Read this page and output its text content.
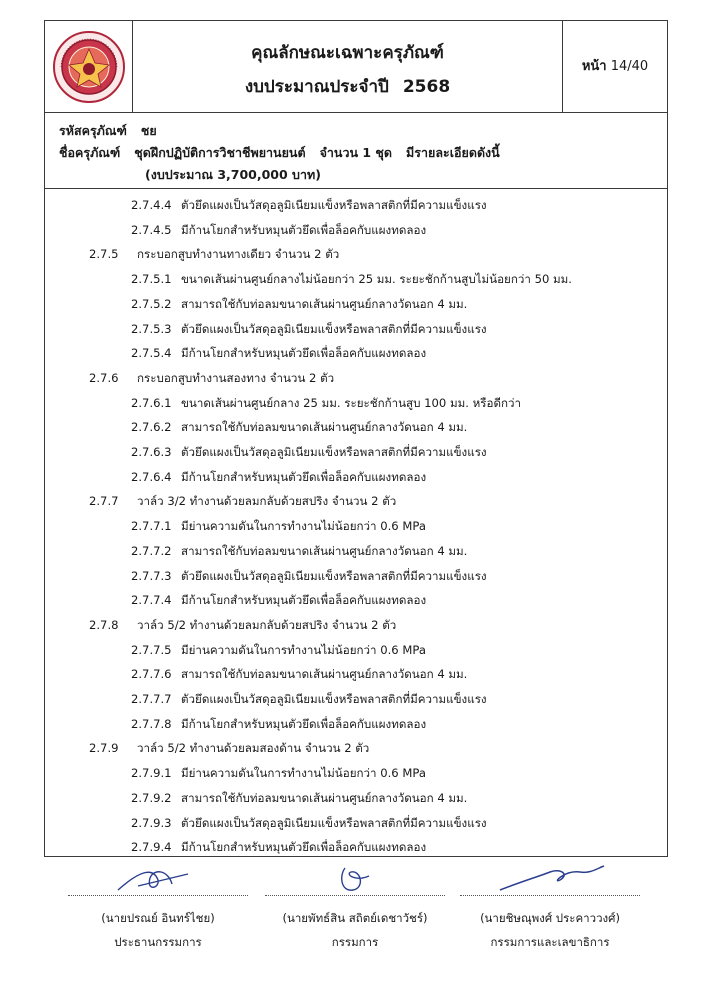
คุณลักษณะเฉพาะครุภัณฑ์
งบประมาณประจำปี 2568
หน้า 14/40
รหัสครุภัณฑ์ ชย
ชื่อครุภัณฑ์ ชุดฝึกปฏิบัติการวิชาชีพยานยนต์ จำนวน 1 ชุด มีรายละเอียดดังนี้
(งบประมาณ 3,700,000 บาท)
2.7.4.4 ตัวยึดแผงเป็นวัสดุอลูมิเนียมแข็งหรือพลาสติกที่มีความแข็งแรง
2.7.4.5 มีก้านโยกสำหรับหมุนตัวยึดเพื่อล็อคกับแผงทดลอง
2.7.5 กระบอกสูบทำงานทางเดียว จำนวน 2 ตัว
2.7.5.1 ขนาดเส้นผ่านศูนย์กลางไม่น้อยกว่า 25 มม. ระยะชักก้านสูบไม่น้อยกว่า 50 มม.
2.7.5.2 สามารถใช้กับท่อลมขนาดเส้นผ่านศูนย์กลางวัดนอก 4 มม.
2.7.5.3 ตัวยึดแผงเป็นวัสดุอลูมิเนียมแข็งหรือพลาสติกที่มีความแข็งแรง
2.7.5.4 มีก้านโยกสำหรับหมุนตัวยึดเพื่อล็อคกับแผงทดลอง
2.7.6 กระบอกสูบทำงานสองทาง จำนวน 2 ตัว
2.7.6.1 ขนาดเส้นผ่านศูนย์กลาง 25 มม. ระยะชักก้านสูบ 100 มม. หรือดีกว่า
2.7.6.2 สามารถใช้กับท่อลมขนาดเส้นผ่านศูนย์กลางวัดนอก 4 มม.
2.7.6.3 ตัวยึดแผงเป็นวัสดุอลูมิเนียมแข็งหรือพลาสติกที่มีความแข็งแรง
2.7.6.4 มีก้านโยกสำหรับหมุนตัวยึดเพื่อล็อคกับแผงทดลอง
2.7.7 วาล์ว 3/2 ทำงานด้วยลมกลับด้วยสปริง จำนวน 2 ตัว
2.7.7.1 มีย่านความดันในการทำงานไม่น้อยกว่า 0.6 MPa
2.7.7.2 สามารถใช้กับท่อลมขนาดเส้นผ่านศูนย์กลางวัดนอก 4 มม.
2.7.7.3 ตัวยึดแผงเป็นวัสดุอลูมิเนียมแข็งหรือพลาสติกที่มีความแข็งแรง
2.7.7.4 มีก้านโยกสำหรับหมุนตัวยึดเพื่อล็อคกับแผงทดลอง
2.7.8 วาล์ว 5/2 ทำงานด้วยลมกลับด้วยสปริง จำนวน 2 ตัว
2.7.7.5 มีย่านความดันในการทำงานไม่น้อยกว่า 0.6 MPa
2.7.7.6 สามารถใช้กับท่อลมขนาดเส้นผ่านศูนย์กลางวัดนอก 4 มม.
2.7.7.7 ตัวยึดแผงเป็นวัสดุอลูมิเนียมแข็งหรือพลาสติกที่มีความแข็งแรง
2.7.7.8 มีก้านโยกสำหรับหมุนตัวยึดเพื่อล็อคกับแผงทดลอง
2.7.9 วาล์ว 5/2 ทำงานด้วยลมสองด้าน จำนวน 2 ตัว
2.7.9.1 มีย่านความดันในการทำงานไม่น้อยกว่า 0.6 MPa
2.7.9.2 สามารถใช้กับท่อลมขนาดเส้นผ่านศูนย์กลางวัดนอก 4 มม.
2.7.9.3 ตัวยึดแผงเป็นวัสดุอลูมิเนียมแข็งหรือพลาสติกที่มีความแข็งแรง
2.7.9.4 มีก้านโยกสำหรับหมุนตัวยึดเพื่อล็อคกับแผงทดลอง
(นายปรณย์ อินทร์ไชย)
ประธานกรรมการ
(นายพัทธ์สิน สถิตย์เดชาวัชร์)
กรรมการ
(นายชิษณุพงศ์ ประคาววงศ์)
กรรมการและเลขาธิการ
